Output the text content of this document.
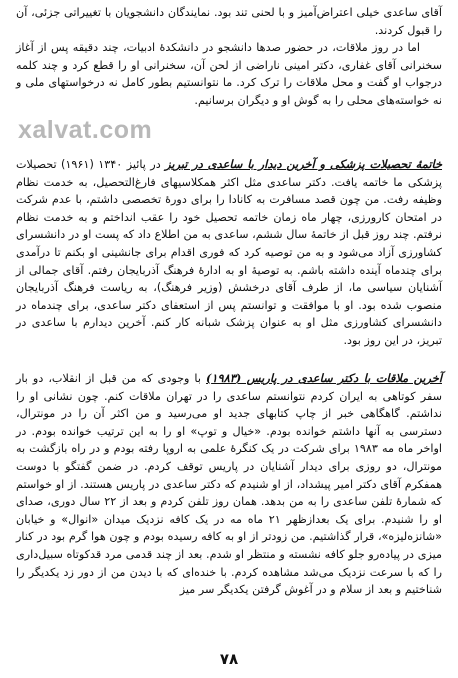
xalvat.com

آقای ساعدی خیلی اعتراض‌آمیز و با لحنی تند بود. نمایندگان دانشجویان با تغییراتی جزئی، آن را قبول کردند.

اما در روز ملاقات، در حضور صدها دانشجو در دانشکدهٔ ادبیات، چند دقیقه پس از آغاز سخنرانی آقای غفاری، دکتر امینی ناراضی از لحن آن، سخنرانی او را قطع کرد و چند کلمه درجواب او گفت و محل ملاقات را ترک کرد. ما نتوانستیم بطور کامل نه درخواستهای ملی و نه خواسته‌های محلی را به گوش او و دیگران برسانیم.

خاتمهٔ تحصیلات پزشکی و آخرین دیدار با ساعدی در تبریز در پائیز ۱۳۴۰ (۱۹۶۱) تحصیلات پزشکی ما خاتمه یافت. دکتر ساعدی مثل اکثر همکلاسیهای فارغ‌التحصیل، به خدمت نظام وظیفه رفت. من چون قصد مسافرت به کانادا را برای دورهٔ تخصصی داشتم، با عدم شرکت در امتحان کارورزی، چهار ماه زمان خاتمه تحصیل خود را عقب انداختم و به خدمت نظام نرفتم. چند روز قبل از خاتمهٔ سال ششم، ساعدی به من اطلاع داد که پست او در دانشسرای کشاورزی آزاد می‌شود و به من توصیه کرد که فوری اقدام برای جانشینی او بکنم تا درآمدی برای چندماه آینده داشته باشم. به توصیهٔ او به ادارهٔ فرهنگ آذربایجان رفتم. آقای جمالی از آشنایان سیاسی ما، از طرف آقای درخشش (وزیر فرهنگ)، به ریاست فرهنگ آذربایجان منصوب شده بود. او با موافقت و توانستم پس از استعفای دکتر ساعدی، برای چندماه در دانشسرای کشاورزی مثل او به عنوان پزشک شبانه کار کنم. آخرین دیدارم با ساعدی در تبریز، در این روز بود.

آخرین ملاقات با دکتر ساعدی در پاریس (۱۹۸۳) با وجودی که من قبل از انقلاب، دو بار سفر کوتاهی به ایران کردم نتوانستم ساعدی را در تهران ملاقات کنم. چون نشانی او را نداشتم. گاهگاهی خبر از چاپ کتابهای جدید او می‌رسید و من اکثر آن را در مونترال، دسترسی به آنها داشتم خوانده بودم. «خیال و توپ» او را به این ترتیب خوانده بودم. در اواخر ماه مه ۱۹۸۳ برای شرکت در یک کنگرهٔ علمی به اروپا رفته بودم و در راه بازگشت به مونترال، دو روزی برای دیدار آشنایان در پاریس توقف کردم. در ضمن گفتگو با دوست همفکرم آقای دکتر امیر پیشداد، از او شنیدم که دکتر ساعدی در پاریس هستند. از او خواستم که شمارهٔ تلفن ساعدی را به من بدهد. همان روز تلفن کردم و بعد از ۲۲ سال دوری، صدای او را شنیدم. برای یک بعدازظهر ۲۱ ماه مه در یک کافه نزدیک میدان «انوال» و خیابان «شانزه‌لیزه»، قرار گذاشتیم. من زودتر از او به کافه رسیده بودم و چون هوا گرم بود در کنار میزی در پیاده‌رو جلو کافه نشسته و منتظر او شدم. بعد از چند قدمی مرد قدکوتاه سبیل‌داری را که با سرعت نزدیک می‌شد مشاهده کردم. با خنده‌ای که با دیدن من از دور زد یکدیگر را شناختیم و بعد از سلام و در آغوش گرفتن یکدیگر سر میز

۷۸
